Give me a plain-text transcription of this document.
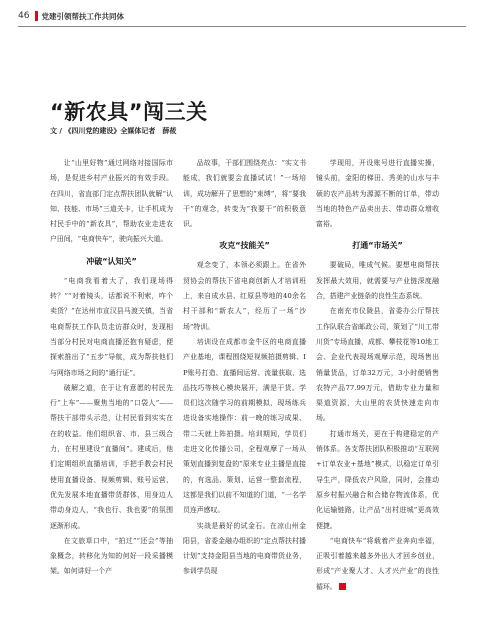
46 党建引领帮扶工作共同体
“新农具”闯三关
文 / 《四川党的建设》全媒体记者　薛莜

让“山里好物”通过网络对接国际市场，是促进乡村产业振兴的有效手段。在四川，省直部门定点帮扶团队就解“认知、技能、市场”三道关卡，让手机成为村民手中的“新农具”，帮助农业走进农户田间，“电商快车”，驶向振兴大道。

冲破“认知关”

“电商我看着大了，我们现场得转？”“对着镜头，话都说不利索，咋个卖货？”在达州市宣汉县马渡关镇，当省电商帮扶工作队员走访群众时，发现相当部分村民对电商直播还抱有疑虑，便探索推出了“五步”导航，成为帮扶他们与网络市场之间的“通行证”。

破解之道，在于让有意愿的村民先行“上车”——聚焦当地的“口袋人”——帮扶干部带头示范，让村民看到实实在在的收益。他们组织省、市、县三级合力，在村里建设“直播间”。建成后，他们定期组织直播培训，手把手教会村民使用直播设备、视频剪辑、账号运营，优先发展本地直播带货群体，用身边人带动身边人，“我也行、我也要”的氛围逐渐形成。

在文旅草口中，“拍过”“还会”等抽象概念，转移化为知的何好一段采播模架。如何讲好一个产

品故事，干部们围绕亮点：“实文书能成，我们就要会直播试试！”一场培训，成功解开了思想的“束缚”，将“要我干”的观念，转变为“我要干”的积极意识。

攻克“技能关”

观念变了，本领必须跟上。在省外贸协会的帮扶下省电商创新人才培训班上，来自成水县、红原县等地的40余名村干部和“新农人”，经历了一场“沙场”特训。

培训设在成都市金牛区的电商直播产业基地，课程围绕短视频拍摄剪辑、IP账号打造、直播间运营、流量获取、选品技巧等核心模块展开，满是干货。学员们这次随学习的前期模拟，现场练兵进设备实地操作：前一晚的练习成果、带二天就上阵拍摄。培训期间，学员们走进文化传播公司，全程观摩了一场从策划直播到复盘的“原来专业主播是直接的，有选品、策划、运营一整套流程，这都是我们以前不知道的门道，“一名学员连声感叹。

实战是最好的试金石。在凉山州金阳县，省委金融办组织的“定点帮扶村播计划”支持金阳县当地的电商带货业务，参训学员现

学现用，开设账号进行直播实操，镜头前，金阳的梯田、秀美的山水与丰硕的农产品转为源源不断的订单，带动当地的特色产品卖出去、带动群众增收富裕。

打通“市场关”

要破局，唯成气候。要想电商帮扶发挥最大效用，就需要与产业链深度融合，搭建产业链条的良性生态系统。

在南充市仪陇县，省委办公厅帮扶工作队联合省邮政公司，策划了“川工带川货”专场直播，成都、攀枝花等10地工会、企业代表现场观摩示范，现场售出销量货品，订单32万元，3小时便销售农特产品77.99万元，借助专业力量和渠道资源，大山里的农货快速走向市场。

打通市场关，更在于构建稳定的产销体系。各支帮扶团队积极推动“互联网+订单农业+基地”模式，以稳定订单引导生产，降低农户风险，同时，会推动原乡村振兴融合和合储存物流体系，优化运输链路，让产品“出村进城”更高效便捷。

“电商快车”将载着产业奔向幸福，正吸引着越来越多外出人才回乡创业，形成“产业聚人才、人才兴产业”的良性循环。
